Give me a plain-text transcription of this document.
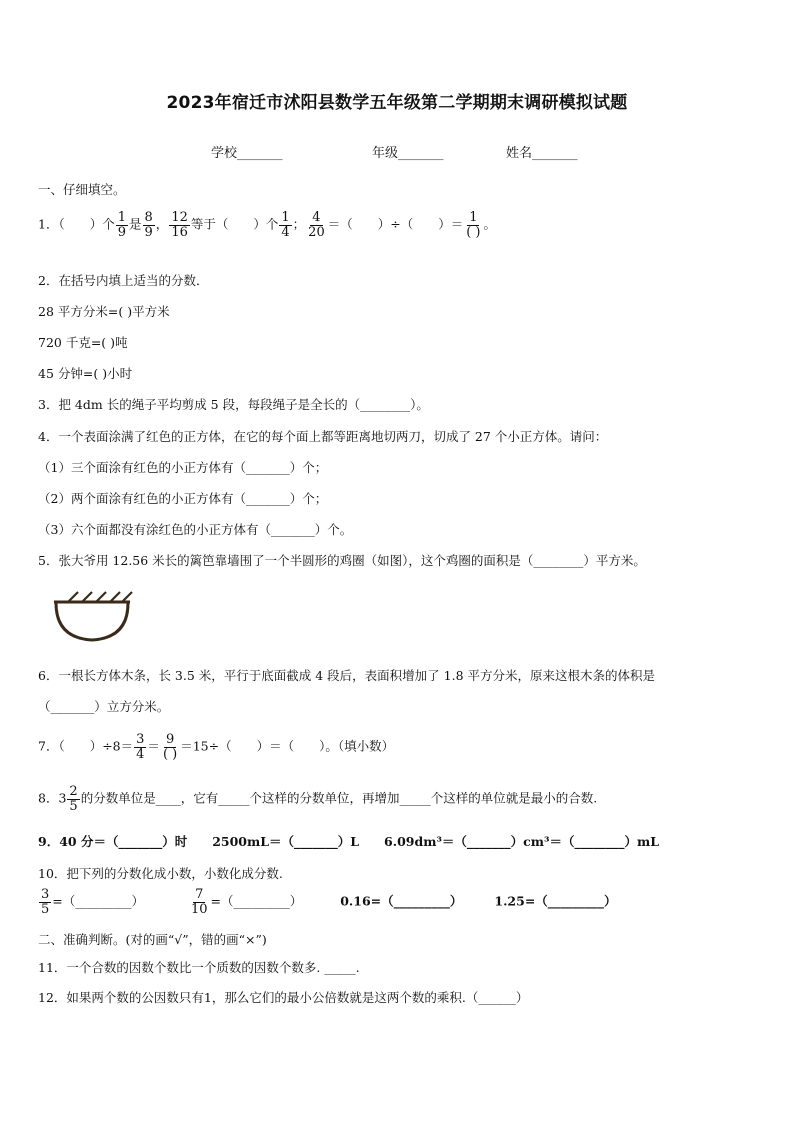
2023年宿迁市沭阳县数学五年级第二学期期末调研模拟试题
学校_______	年级_______	姓名_______
一、仔细填空。
1．（　　）个 $\frac{1}{9}$ 是 $\frac{8}{9}$ ， $\frac{12}{16}$ 等于（　　）个 $\frac{1}{4}$ ； $\frac{4}{20}$ ＝（　　）÷（　　）＝ $\frac{1}{( )}$ 。
2．在括号内填上适当的分数．
28 平方分米=( )平方米
720 千克=( )吨
45 分钟=( )小时
3．把 4dm 长的绳子平均剪成 5 段，每段绳子是全长的（________）。
4．一个表面涂满了红色的正方体，在它的每个面上都等距离地切两刀，切成了 27 个小正方体。请问：
（1）三个面涂有红色的小正方体有（_______）个；
（2）两个面涂有红色的小正方体有（_______）个；
（3）六个面都没有涂红色的小正方体有（_______）个。
5．张大爷用 12.56 米长的篱笆靠墙围了一个半圆形的鸡圈（如图），这个鸡圈的面积是（________）平方米。
6．一根长方体木条，长 3.5 米，平行于底面截成 4 段后，表面积增加了 1.8 平方分米，原来这根木条的体积是
（_______）立方分米。
7．（　　）$\div 8= \frac{3}{4} = \frac{9}{( )} =15\div$（　　）＝（　　）。（填小数）
8．$3 \frac{2}{5}$ 的分数单位是____，它有_____个这样的分数单位，再增加_____个这样的单位就是最小的合数.
9．40 分＝（_______）时　　2500mL＝（_______）L　　6.09dm³＝（_______）cm³＝（________）mL
10．把下列的分数化成小数，小数化成分数.
$\frac{3}{5}$ =（_________）	$\frac{7}{10}$ =（_________）	0.16=（_________）	1.25=（_________）
二、准确判断。(对的画“√”，错的画“×”)
11．一个合数的因数个数比一个质数的因数个数多. _____.
12．如果两个数的公因数只有1，那么它们的最小公倍数就是这两个数的乘积.（______）
